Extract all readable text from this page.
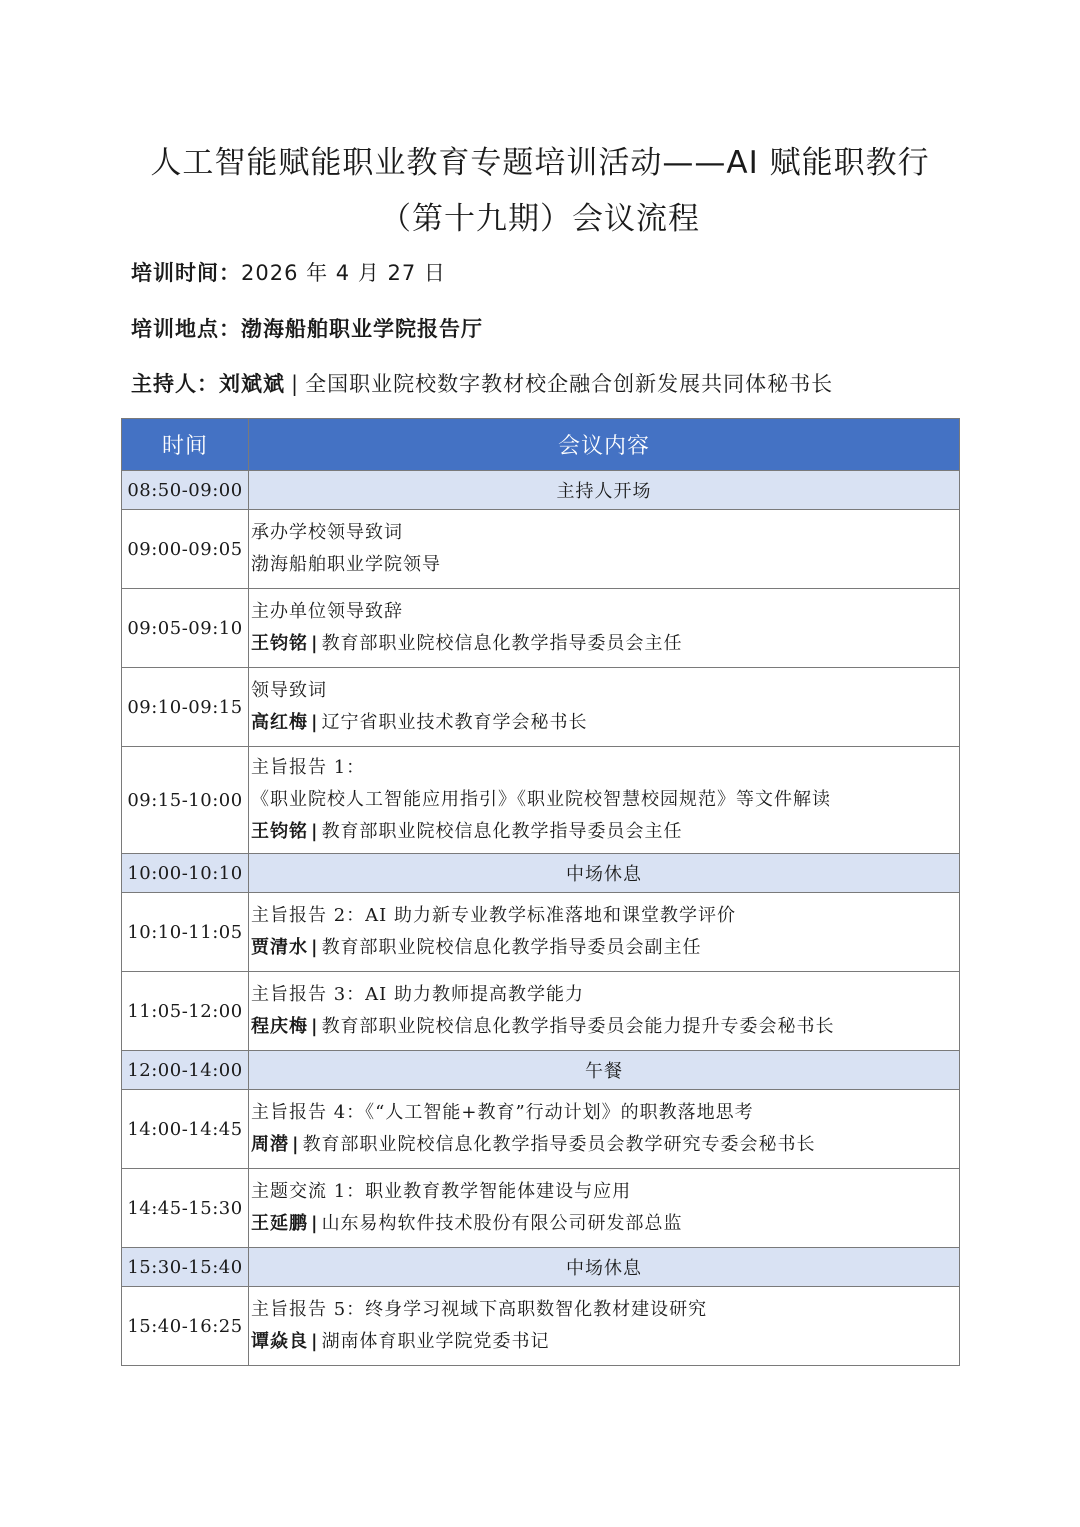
人工智能赋能职业教育专题培训活动——AI 赋能职教行
（第十九期）会议流程
培训时间：2026 年 4 月 27 日
培训地点：渤海船舶职业学院报告厅
主持人：刘斌斌 | 全国职业院校数字教材校企融合创新发展共同体秘书长
时间	会议内容
08:50-09:00	主持人开场
09:00-09:05	承办学校领导致词
渤海船舶职业学院领导

09:05-09:10	主办单位领导致辞
王钧铭 | 教育部职业院校信息化教学指导委员会主任

09:10-09:15	领导致词
高红梅 | 辽宁省职业技术教育学会秘书长

09:15-10:00	主旨报告 1：
《职业院校人工智能应用指引》《职业院校智慧校园规范》等文件解读
王钧铭 | 教育部职业院校信息化教学指导委员会主任

10:00-10:10	中场休息
10:10-11:05	主旨报告 2：AI 助力新专业教学标准落地和课堂教学评价
贾清水 | 教育部职业院校信息化教学指导委员会副主任

11:05-12:00	主旨报告 3：AI 助力教师提高教学能力
程庆梅 | 教育部职业院校信息化教学指导委员会能力提升专委会秘书长

12:00-14:00	午餐
14:00-14:45	主旨报告 4：《“人工智能+教育”行动计划》的职教落地思考
周潜 | 教育部职业院校信息化教学指导委员会教学研究专委会秘书长

14:45-15:30	主题交流 1：职业教育教学智能体建设与应用
王延鹏 | 山东易构软件技术股份有限公司研发部总监

15:30-15:40	中场休息
15:40-16:25	主旨报告 5：终身学习视域下高职数智化教材建设研究
谭焱良 | 湖南体育职业学院党委书记
